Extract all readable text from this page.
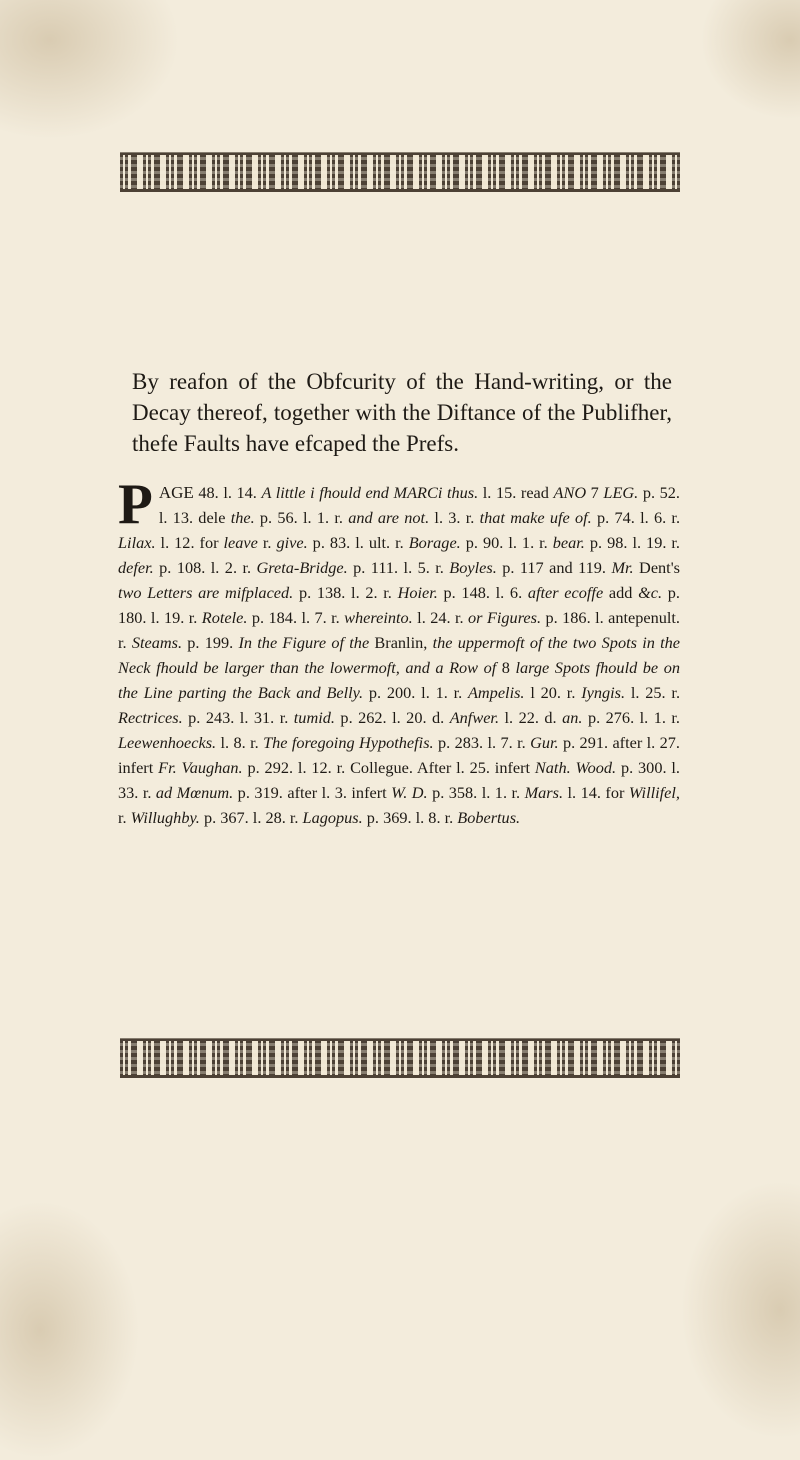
By reafon of the Obfcurity of the Hand-writing, or the Decay thereof, together with the Diftance of the Publifher, thefe Faults have efcaped the Prefs.
PAGE 48. l. 14. A little i fhould end MARCi thus. l. 15. read ANO 7 LEG. p. 52. l. 13. dele the. p. 56. l. 1. r. and are not. l. 3. r. that make ufe of. p. 74. l. 6. r. Lilax. l. 12. for leave r. give. p. 83. l. ult. r. Borage. p. 90. l. 1. r. bear. p. 98. l. 19. r. defer. p. 108. l. 2. r. Greta-Bridge. p. 111. l. 5. r. Boyles. p. 117 and 119. Mr. Dent's two Letters are mifplaced. p. 138. l. 2. r. Hoier. p. 148. l. 6. after ecoffe add &c. p. 180. l. 19. r. Rotele. p. 184. l. 7. r. whereinto. l. 24. r. or Figures. p. 186. l. antepenult. r. Steams. p. 199. In the Figure of the Branlin, the uppermoft of the two Spots in the Neck fhould be larger than the lowermoft, and a Row of 8 large Spots fhould be on the Line parting the Back and Belly. p. 200. l. 1. r. Ampelis. l 20. r. Iyngis. l. 25. r. Rectrices. p. 243. l. 31. r. tumid. p. 262. l. 20. d. Anfwer. l. 22. d. an. p. 276. l. 1. r. Leewenhoecks. l. 8. r. The foregoing Hypothefis. p. 283. l. 7. r. Gur. p. 291. after l. 27. infert Fr. Vaughan. p. 292. l. 12. r. Collegue. After l. 25. infert Nath. Wood. p. 300. l. 33. r. ad Mœnum. p. 319. after l. 3. infert W. D. p. 358. l. 1. r. Mars. l. 14. for Willifel, r. Willughby. p. 367. l. 28. r. Lagopus. p. 369. l. 8. r. Bobertus.
